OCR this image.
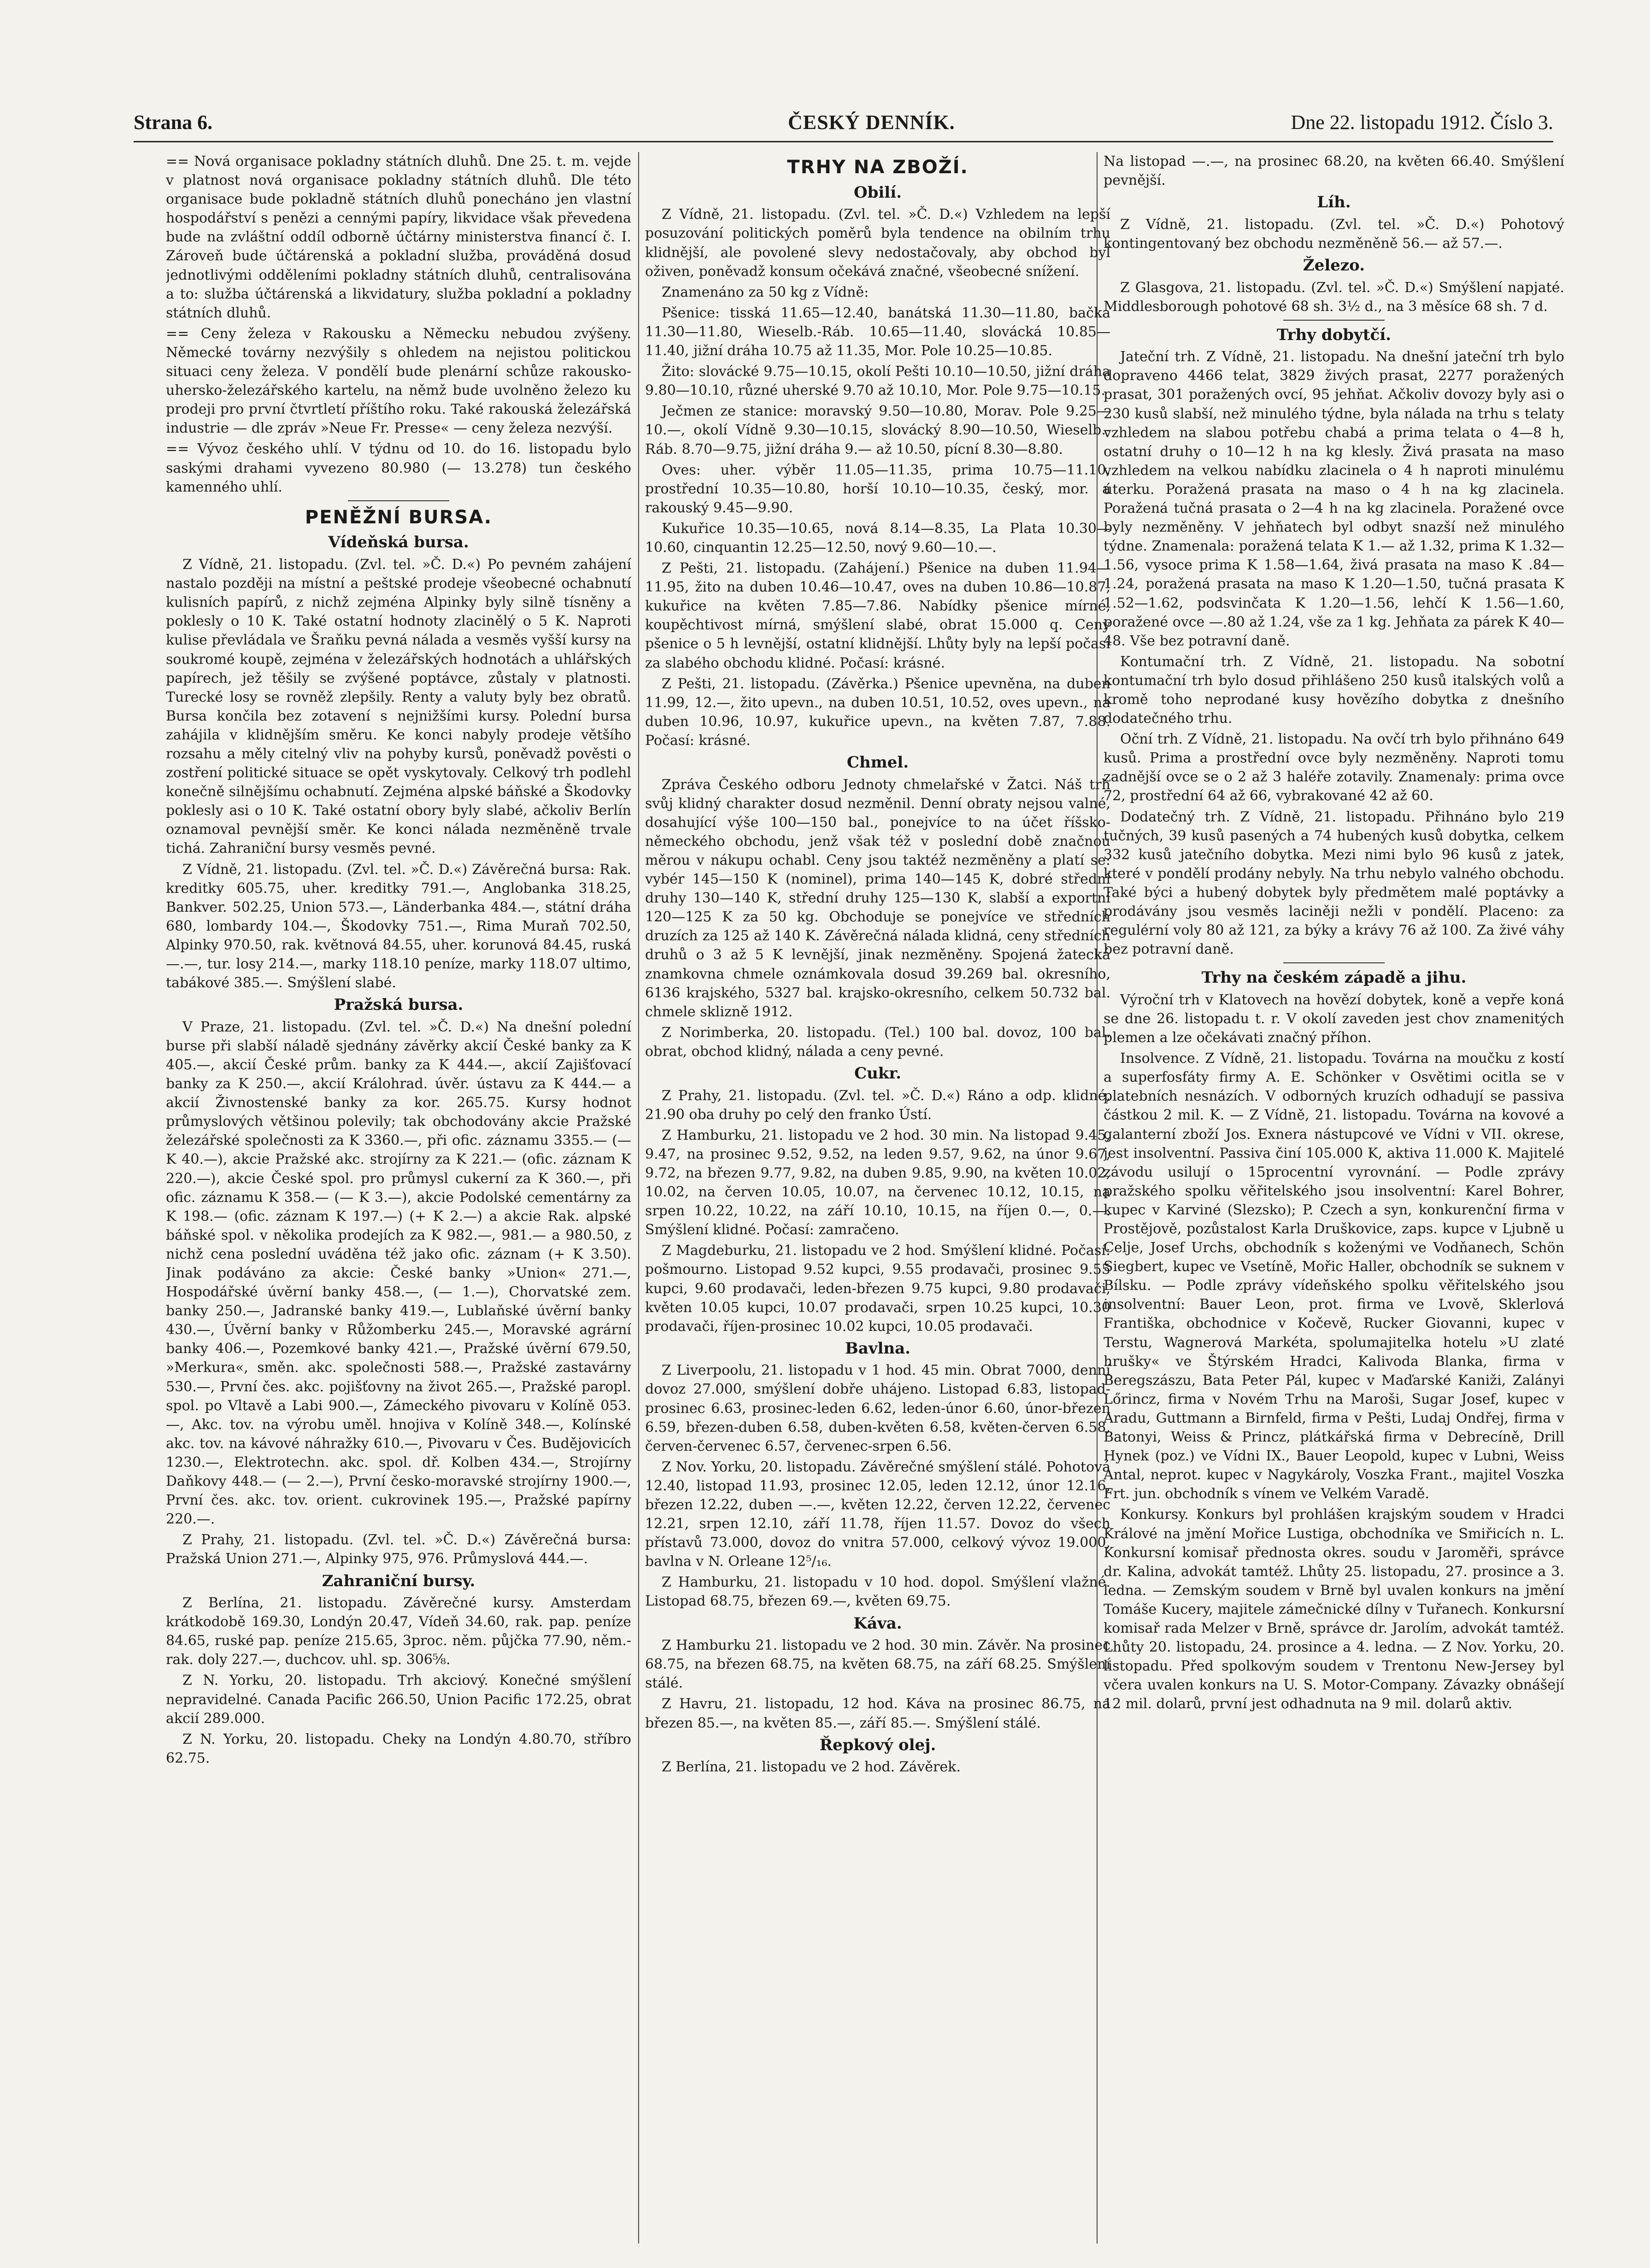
Strana 6.	ČESKÝ DENNÍK.	Dne 22. listopadu 1912. Číslo 3.

== Nová organisace pokladny státních dluhů. Dne 25. t. m. vejde v platnost nová organisace pokladny státních dluhů. Dle této organisace bude pokladně státních dluhů ponecháno jen vlastní hospodářství s penězi a cennými papíry, likvidace však převedena bude na zvláštní oddíl odborně účtárny ministerstva financí č. I. Zároveň bude účtárenská a pokladní služba, prováděná dosud jednotlivými odděleními pokladny státních dluhů, centralisována a to: služba účtárenská a likvidatury, služba pokladní a pokladny státních dluhů.

== Ceny železa v Rakousku a Německu nebudou zvýšeny. Německé továrny nezvýšily s ohledem na nejistou politickou situaci ceny železa. V pondělí bude plenární schůze rakousko-uhersko-železářského kartelu, na němž bude uvolněno železo ku prodeji pro první čtvrtletí příštího roku. Také rakouská železářská industrie — dle zpráv »Neue Fr. Presse« — ceny železa nezvýší.

== Vývoz českého uhlí. V týdnu od 10. do 16. listopadu bylo saskými drahami vyvezeno 80.980 (— 13.278) tun českého kamenného uhlí.

PENĚŽNÍ BURSA.
Vídeňská bursa.

Z Vídně, 21. listopadu. (Zvl. tel. »Č. D.«) Po pevném zahájení nastalo později na místní a peštské prodeje všeobecné ochabnutí kulisních papírů, z nichž zejména Alpinky byly silně tísněny a poklesly o 10 K. Také ostatní hodnoty zlacinělý o 5 K. Naproti kulise převládala ve Šraňku pevná nálada a vesměs vyšší kursy na soukromé koupě, zejména v železářských hodnotách a uhlářských papírech, jež těšily se zvýšené poptávce, zůstaly v platnosti. Turecké losy se rovněž zlepšily. Renty a valuty byly bez obratů. Bursa končila bez zotavení s nejnižšími kursy. Polední bursa zahájila v klidnějším směru. Ke konci nabyly prodeje většího rozsahu a měly citelný vliv na pohyby kursů, poněvadž pověsti o zostření politické situace se opět vyskytovaly. Celkový trh podlehl konečně silnějšímu ochabnutí. Zejména alpské báňské a Škodovky poklesly asi o 10 K. Také ostatní obory byly slabé, ačkoliv Berlín oznamoval pevnější směr. Ke konci nálada nezměněně trvale tichá. Zahraniční bursy vesměs pevné.

Z Vídně, 21. listopadu. (Zvl. tel. »Č. D.«) Závěrečná bursa: Rak. kreditky 605.75, uher. kreditky 791.—, Anglobanka 318.25, Bankver. 502.25, Union 573.—, Länderbanka 484.—, státní dráha 680, lombardy 104.—, Škodovky 751.—, Rima Muraň 702.50, Alpinky 970.50, rak. květnová 84.55, uher. korunová 84.45, ruská —.—, tur. losy 214.—, marky 118.10 peníze, marky 118.07 ultimo, tabákové 385.—. Smýšlení slabé.

Pražská bursa.

V Praze, 21. listopadu. (Zvl. tel. »Č. D.«) Na dnešní polední burse při slabší náladě sjednány závěrky akcií České banky za K 405.—, akcií České prům. banky za K 444.—, akcií Zajišťovací banky za K 250.—, akcií Králohrad. úvěr. ústavu za K 444.— a akcií Živnostenské banky za kor. 265.75. Kursy hodnot průmyslových většinou polevily; tak obchodovány akcie Pražské železářské společnosti za K 3360.—, při ofic. záznamu 3355.— (— K 40.—), akcie Pražské akc. strojírny za K 221.— (ofic. záznam K 220.—), akcie České spol. pro průmysl cukerní za K 360.—, při ofic. záznamu K 358.— (— K 3.—), akcie Podolské cementárny za K 198.— (ofic. záznam K 197.—) (+ K 2.—) a akcie Rak. alpské báňské spol. v několika prodejích za K 982.—, 981.— a 980.50, z nichž cena poslední uváděna též jako ofic. záznam (+ K 3.50). Jinak podáváno za akcie: České banky »Union« 271.—, Hospodářské úvěrní banky 458.—, (— 1.—), Chorvatské zem. banky 250.—, Jadranské banky 419.—, Lublaňské úvěrní banky 430.—, Úvěrní banky v Růžomberku 245.—, Moravské agrární banky 406.—, Pozemkové banky 421.—, Pražské úvěrní 679.50, »Merkura«, směn. akc. společnosti 588.—, Pražské zastavárny 530.—, První čes. akc. pojišťovny na život 265.—, Pražské paropl. spol. po Vltavě a Labi 900.—, Zámeckého pivovaru v Kolíně 053.—, Akc. tov. na výrobu uměl. hnojiva v Kolíně 348.—, Kolínské akc. tov. na kávové náhražky 610.—, Pivovaru v Čes. Budějovicích 1230.—, Elektrotechn. akc. spol. dř. Kolben 434.—, Strojírny Daňkovy 448.— (— 2.—), První česko-moravské strojírny 1900.—, První čes. akc. tov. orient. cukrovinek 195.—, Pražské papírny 220.—.

Z Prahy, 21. listopadu. (Zvl. tel. »Č. D.«) Závěrečná bursa: Pražská Union 271.—, Alpinky 975, 976. Průmyslová 444.—.

Zahraniční bursy.

Z Berlína, 21. listopadu. Závěrečné kursy. Amsterdam krátkodobě 169.30, Londýn 20.47, Vídeň 34.60, rak. pap. peníze 84.65, ruské pap. peníze 215.65, 3proc. něm. půjčka 77.90, něm.-rak. doly 227.—, duchcov. uhl. sp. 306⅝.

Z N. Yorku, 20. listopadu. Trh akciový. Konečné smýšlení nepravidelné. Canada Pacific 266.50, Union Pacific 172.25, obrat akcií 289.000.

Z N. Yorku, 20. listopadu. Cheky na Londýn 4.80.70, stříbro 62.75.

TRHY NA ZBOŽÍ.
Obilí.

Z Vídně, 21. listopadu. (Zvl. tel. »Č. D.«) Vzhledem na lepší posuzování politických poměrů byla tendence na obilním trhu klidnější, ale povolené slevy nedostačovaly, aby obchod byl oživen, poněvadž konsum očekává značné, všeobecné snížení.

Znamenáno za 50 kg z Vídně:

Pšenice: tisská 11.65—12.40, banátská 11.30—11.80, bačka 11.30—11.80, Wieselb.-Ráb. 10.65—11.40, slovácká 10.85—11.40, jižní dráha 10.75 až 11.35, Mor. Pole 10.25—10.85.

Žito: slovácké 9.75—10.15, okolí Pešti 10.10—10.50, jižní dráha 9.80—10.10, různé uherské 9.70 až 10.10, Mor. Pole 9.75—10.15.

Ječmen ze stanice: moravský 9.50—10.80, Morav. Pole 9.25—10.—, okolí Vídně 9.30—10.15, slovácký 8.90—10.50, Wieselb.-Ráb. 8.70—9.75, jižní dráha 9.— až 10.50, pícní 8.30—8.80.

Oves: uher. výběr 11.05—11.35, prima 10.75—11.10, prostřední 10.35—10.80, horší 10.10—10.35, český, mor. a rakouský 9.45—9.90.

Kukuřice 10.35—10.65, nová 8.14—8.35, La Plata 10.30—10.60, cinquantin 12.25—12.50, nový 9.60—10.—.

Z Pešti, 21. listopadu. (Zahájení.) Pšenice na duben 11.94—11.95, žito na duben 10.46—10.47, oves na duben 10.86—10.87, kukuřice na květen 7.85—7.86. Nabídky pšenice mírné, koupěchtivost mírná, smýšlení slabé, obrat 15.000 q. Ceny pšenice o 5 h levnější, ostatní klidnější. Lhůty byly na lepší počasí za slabého obchodu klidné. Počasí: krásné.

Z Pešti, 21. listopadu. (Závěrka.) Pšenice upevněna, na duben 11.99, 12.—, žito upevn., na duben 10.51, 10.52, oves upevn., na duben 10.96, 10.97, kukuřice upevn., na květen 7.87, 7.88. Počasí: krásné.

Chmel.

Zpráva Českého odboru Jednoty chmelařské v Žatci. Náš trh svůj klidný charakter dosud nezměnil. Denní obraty nejsou valné, dosahující výše 100—150 bal., ponejvíce to na účet říšsko-německého obchodu, jenž však též v poslední době značnou měrou v nákupu ochabl. Ceny jsou taktéž nezměněny a platí se: vybér 145—150 K (nominel), prima 140—145 K, dobré střední druhy 130—140 K, střední druhy 125—130 K, slabší a exportní 120—125 K za 50 kg. Obchoduje se ponejvíce ve středních druzích za 125 až 140 K. Závěrečná nálada klidná, ceny středních druhů o 3 až 5 K levnější, jinak nezměněny. Spojená žatecká znamkovna chmele oznámkovala dosud 39.269 bal. okresního, 6136 krajského, 5327 bal. krajsko-okresního, celkem 50.732 bal. chmele sklizně 1912.

Z Norimberka, 20. listopadu. (Tel.) 100 bal. dovoz, 100 bal. obrat, obchod klidný, nálada a ceny pevné.

Cukr.

Z Prahy, 21. listopadu. (Zvl. tel. »Č. D.«) Ráno a odp. klidné, 21.90 oba druhy po celý den franko Ústí.

Z Hamburku, 21. listopadu ve 2 hod. 30 min. Na listopad 9.45, 9.47, na prosinec 9.52, 9.52, na leden 9.57, 9.62, na únor 9.67, 9.72, na březen 9.77, 9.82, na duben 9.85, 9.90, na květen 10.02, 10.02, na červen 10.05, 10.07, na červenec 10.12, 10.15, na srpen 10.22, 10.22, na září 10.10, 10.15, na říjen 0.—, 0.—. Smýšlení klidné. Počasí: zamračeno.

Z Magdeburku, 21. listopadu ve 2 hod. Smýšlení klidné. Počasí: pošmourno. Listopad 9.52 kupci, 9.55 prodavači, prosinec 9.55 kupci, 9.60 prodavači, leden-březen 9.75 kupci, 9.80 prodavači, květen 10.05 kupci, 10.07 prodavači, srpen 10.25 kupci, 10.30 prodavači, říjen-prosinec 10.02 kupci, 10.05 prodavači.

Bavlna.

Z Liverpoolu, 21. listopadu v 1 hod. 45 min. Obrat 7000, denní dovoz 27.000, smýšlení dobře uhájeno. Listopad 6.83, listopad-prosinec 6.63, prosinec-leden 6.62, leden-únor 6.60, únor-březen 6.59, březen-duben 6.58, duben-květen 6.58, květen-červen 6.58, červen-červenec 6.57, červenec-srpen 6.56.

Z Nov. Yorku, 20. listopadu. Závěrečné smýšlení stálé. Pohotová 12.40, listopad 11.93, prosinec 12.05, leden 12.12, únor 12.16, březen 12.22, duben —.—, květen 12.22, červen 12.22, červenec 12.21, srpen 12.10, září 11.78, říjen 11.57. Dovoz do všech přístavů 73.000, dovoz do vnitra 57.000, celkový vývoz 19.000, bavlna v N. Orleane 12⁵/₁₆.

Z Hamburku, 21. listopadu v 10 hod. dopol. Smýšlení vlažné. Listopad 68.75, březen 69.—, květen 69.75.

Káva.

Z Hamburku 21. listopadu ve 2 hod. 30 min. Závěr. Na prosinec 68.75, na březen 68.75, na květen 68.75, na září 68.25. Smýšlení stálé.

Z Havru, 21. listopadu, 12 hod. Káva na prosinec 86.75, na březen 85.—, na květen 85.—, září 85.—. Smýšlení stálé.

Řepkový olej.

Z Berlína, 21. listopadu ve 2 hod. Závěrek.

Na listopad —.—, na prosinec 68.20, na květen 66.40. Smýšlení pevnější.

Líh.

Z Vídně, 21. listopadu. (Zvl. tel. »Č. D.«) Pohotový kontingentovaný bez obchodu nezměněně 56.— až 57.—.

Železo.

Z Glasgova, 21. listopadu. (Zvl. tel. »Č. D.«) Smýšlení napjaté. Middlesborough pohotové 68 sh. 3½ d., na 3 měsíce 68 sh. 7 d.

Trhy dobytčí.

Jateční trh. Z Vídně, 21. listopadu. Na dnešní jateční trh bylo dopraveno 4466 telat, 3829 živých prasat, 2277 poražených prasat, 301 poražených ovcí, 95 jehňat. Ačkoliv dovozy byly asi o 230 kusů slabší, než minulého týdne, byla nálada na trhu s telaty vzhledem na slabou potřebu chabá a prima telata o 4—8 h, ostatní druhy o 10—12 h na kg klesly. Živá prasata na maso vzhledem na velkou nabídku zlacinela o 4 h naproti minulému úterku. Poražená prasata na maso o 4 h na kg zlacinela. Poražená tučná prasata o 2—4 h na kg zlacinela. Poražené ovce byly nezměněny. V jehňatech byl odbyt snazší než minulého týdne. Znamenala: poražená telata K 1.— až 1.32, prima K 1.32—1.56, vysoce prima K 1.58—1.64, živá prasata na maso K .84—1.24, poražená prasata na maso K 1.20—1.50, tučná prasata K 1.52—1.62, podsvinčata K 1.20—1.56, lehčí K 1.56—1.60, poražené ovce —.80 až 1.24, vše za 1 kg. Jehňata za párek K 40—48. Vše bez potravní daně.

Kontumační trh. Z Vídně, 21. listopadu. Na sobotní kontumační trh bylo dosud přihlášeno 250 kusů italských volů a kromě toho neprodané kusy hovězího dobytka z dnešního dodatečného trhu.

Oční trh. Z Vídně, 21. listopadu. Na ovčí trh bylo přihnáno 649 kusů. Prima a prostřední ovce byly nezměněny. Naproti tomu zadnější ovce se o 2 až 3 haléře zotavily. Znamenaly: prima ovce 72, prostřední 64 až 66, vybrakované 42 až 60.

Dodatečný trh. Z Vídně, 21. listopadu. Přihnáno bylo 219 tučných, 39 kusů pasených a 74 hubených kusů dobytka, celkem 332 kusů jatečního dobytka. Mezi nimi bylo 96 kusů z jatek, které v pondělí prodány nebyly. Na trhu nebylo valného obchodu. Také býci a hubený dobytek byly předmětem malé poptávky a prodávány jsou vesměs laciněji nežli v pondělí. Placeno: za regulérní voly 80 až 121, za býky a krávy 76 až 100. Za živé váhy bez potravní daně.

Trhy na českém západě a jihu.

Výroční trh v Klatovech na hovězí dobytek, koně a vepře koná se dne 26. listopadu t. r. V okolí zaveden jest chov znamenitých plemen a lze očekávati značný příhon.

Insolvence. Z Vídně, 21. listopadu. Továrna na moučku z kostí a superfosfáty firmy A. E. Schönker v Osvětimi ocitla se v platebních nesnázích. V odborných kruzích odhadují se passiva částkou 2 mil. K. — Z Vídně, 21. listopadu. Továrna na kovové a galanterní zboží Jos. Exnera nástupcové ve Vídni v VII. okrese, jest insolventní. Passiva činí 105.000 K, aktiva 11.000 K. Majitelé závodu usilují o 15procentní vyrovnání. — Podle zprávy pražského spolku věřitelského jsou insolventní: Karel Bohrer, kupec v Karviné (Slezsko); P. Czech a syn, konkurenční firma v Prostějově, pozůstalost Karla Druškovice, zaps. kupce v Ljubně u Celje, Josef Urchs, obchodník s koženými ve Vodňanech, Schön Siegbert, kupec ve Vsetíně, Mořic Haller, obchodník se suknem v Bílsku. — Podle zprávy vídeňského spolku věřitelského jsou insolventní: Bauer Leon, prot. firma ve Lvově, Sklerlová Františka, obchodnice v Kočevě, Rucker Giovanni, kupec v Terstu, Wagnerová Markéta, spolumajitelka hotelu »U zlaté hrušky« ve Štýrském Hradci, Kalivoda Blanka, firma v Beregszászu, Bata Peter Pál, kupec v Maďarské Kaniži, Zalányi Lőrincz, firma v Novém Trhu na Maroši, Sugar Josef, kupec v Aradu, Guttmann a Birnfeld, firma v Pešti, Ludaj Ondřej, firma v Batonyi, Weiss & Princz, plátkářská firma v Debrecíně, Drill Hynek (poz.) ve Vídni IX., Bauer Leopold, kupec v Lubni, Weiss Antal, neprot. kupec v Nagykároly, Voszka Frant., majitel Voszka Frt. jun. obchodník s vínem ve Velkém Varadě.

Konkursy. Konkurs byl prohlášen krajským soudem v Hradci Králové na jmění Mořice Lustiga, obchodníka ve Smiřicích n. L. Konkursní komisař přednosta okres. soudu v Jaroměři, správce dr. Kalina, advokát tamtéž. Lhůty 25. listopadu, 27. prosince a 3. ledna. — Zemským soudem v Brně byl uvalen konkurs na jmění Tomáše Kucery, majitele zámečnické dílny v Tuřanech. Konkursní komisař rada Melzer v Brně, správce dr. Jarolím, advokát tamtéž. Lhůty 20. listopadu, 24. prosince a 4. ledna. — Z Nov. Yorku, 20. listopadu. Před spolkovým soudem v Trentonu New-Jersey byl včera uvalen konkurs na U. S. Motor-Company. Závazky obnášejí 12 mil. dolarů, první jest odhadnuta na 9 mil. dolarů aktiv.
